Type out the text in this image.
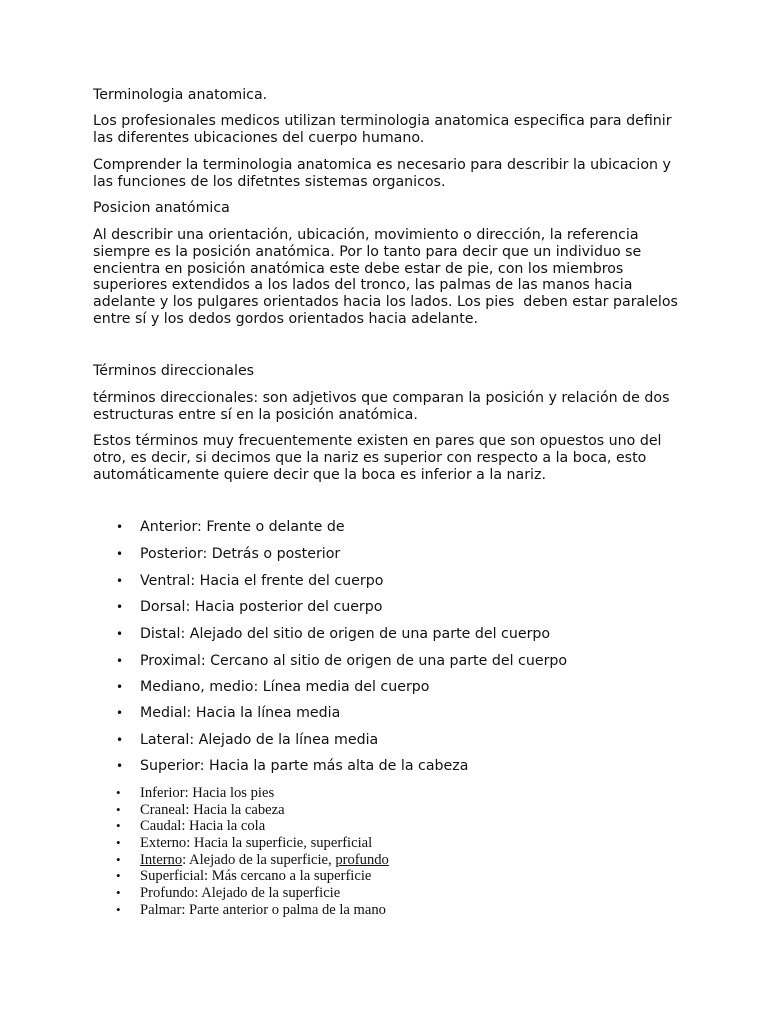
Terminologia anatomica.

Los profesionales medicos utilizan terminologia anatomica especifica para definir las diferentes ubicaciones del cuerpo humano.

Comprender la terminologia anatomica es necesario para describir la ubicacion y las funciones de los difetntes sistemas organicos.

Posicion anatómica

Al describir una orientación, ubicación, movimiento o dirección, la referencia siempre es la posición anatómica. Por lo tanto para decir que un individuo se encientra en posición anatómica este debe estar de pie, con los miembros superiores extendidos a los lados del tronco, las palmas de las manos hacia adelante y los pulgares orientados hacia los lados. Los pies  deben estar paralelos entre sí y los dedos gordos orientados hacia adelante.

Términos direccionales

términos direccionales: son adjetivos que comparan la posición y relación de dos estructuras entre sí en la posición anatómica.

Estos términos muy frecuentemente existen en pares que son opuestos uno del otro, es decir, si decimos que la nariz es superior con respecto a la boca, esto automáticamente quiere decir que la boca es inferior a la nariz.

• Anterior: Frente o delante de
• Posterior: Detrás o posterior
• Ventral: Hacia el frente del cuerpo
• Dorsal: Hacia posterior del cuerpo
• Distal: Alejado del sitio de origen de una parte del cuerpo
• Proximal: Cercano al sitio de origen de una parte del cuerpo
• Mediano, medio: Línea media del cuerpo
• Medial: Hacia la línea media
• Lateral: Alejado de la línea media
• Superior: Hacia la parte más alta de la cabeza
• Inferior: Hacia los pies
• Craneal: Hacia la cabeza
• Caudal: Hacia la cola
• Externo: Hacia la superficie, superficial
• Interno: Alejado de la superficie, profundo
• Superficial: Más cercano a la superficie
• Profundo: Alejado de la superficie
• Palmar: Parte anterior o palma de la mano
